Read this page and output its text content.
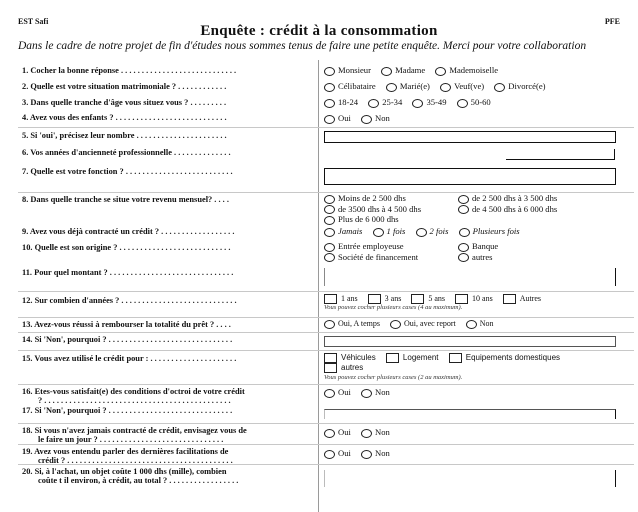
EST Safi	PFE
Enquête : crédit à la consommation
Dans le cadre de notre projet de fin d'études nous sommes tenus de faire une petite enquête. Merci pour votre collaboration
1. Cocher la bonne réponse . . . . . . . . . . . . . . . . . . . . . . . . . . . .	Monsieur	Madame	Mademoiselle
2. Quelle est votre situation matrimoniale ? . . . . . . . . . . . .	Célibataire	Marié(e)	Veuf(ve)	Divorcé(e)
3. Dans quelle tranche d'âge vous situez vous ? . . . . . . . . .	18-24	25-34	35-49	50-60
4. Avez vous des enfants ? . . . . . . . . . . . . . . . . . . . . . . . . . . .	Oui	Non
5. Si 'oui', précisez leur nombre . . . . . . . . . . . . . . . . . . . . . .
6. Vos années d'ancienneté professionnelle . . . . . . . . . . . . . .
7. Quelle est votre fonction ? . . . . . . . . . . . . . . . . . . . . . . . . . .
8. Dans quelle tranche se situe votre revenu mensuel? . . . .	Moins de 2 500 dhs	de 2 500 dhs à 3 500 dhs
de 3500 dhs à 4 500 dhs	de 4 500 dhs à 6 000 dhs
Plus de 6 000 dhs
9. Avez vous déjà contracté un crédit ? . . . . . . . . . . . . . . . . . .	Jamais	1 fois	2 fois	Plusieurs fois
10. Quelle est son origine ? . . . . . . . . . . . . . . . . . . . . . . . . . . .	Entrée employeuse	Banque
Société de financement	autres
11. Pour quel montant ? . . . . . . . . . . . . . . . . . . . . . . . . . . . . . .
12. Sur combien d'années ? . . . . . . . . . . . . . . . . . . . . . . . . . . . .	1 ans	3 ans	5 ans	10 ans	Autres
Vous pouvez cocher plusieurs cases (4 au maximum).
13. Avez-vous réussi à rembourser la totalité du prêt ? . . . .	Oui, A temps	Oui, avec report	Non
14. Si 'Non', pourquoi ? . . . . . . . . . . . . . . . . . . . . . . . . . . . . . .
15. Vous avez utilisé le crédit pour : . . . . . . . . . . . . . . . . . . . . .	Véhicules	Logement	Equipements domestiques
autres
Vous pouvez cocher plusieurs cases (2 au maximum).
16. Etes-vous satisfait(e) des conditions d'octroi de votre crédit
? . . . . . . . . . . . . . . . . . . . . . . . . . . . . . . . . . . . . . . . . . . . . .
Oui	Non
17. Si 'Non', pourquoi ? . . . . . . . . . . . . . . . . . . . . . . . . . . . . . .
18. Si vous n'avez jamais contracté de crédit, envisagez vous de
le faire un jour ? . . . . . . . . . . . . . . . . . . . . . . . . . . . . . .
Oui	Non
19. Avez vous entendu parler des dernières facilitations de
crédit ? . . . . . . . . . . . . . . . . . . . . . . . . . . . . . . . . . . . . . . . .
Oui	Non
20. Si, à l'achat, un objet coûte 1 000 dhs (mille), combien
coûte t il environ, à crédit, au total ? . . . . . . . . . . . . . . . . .
